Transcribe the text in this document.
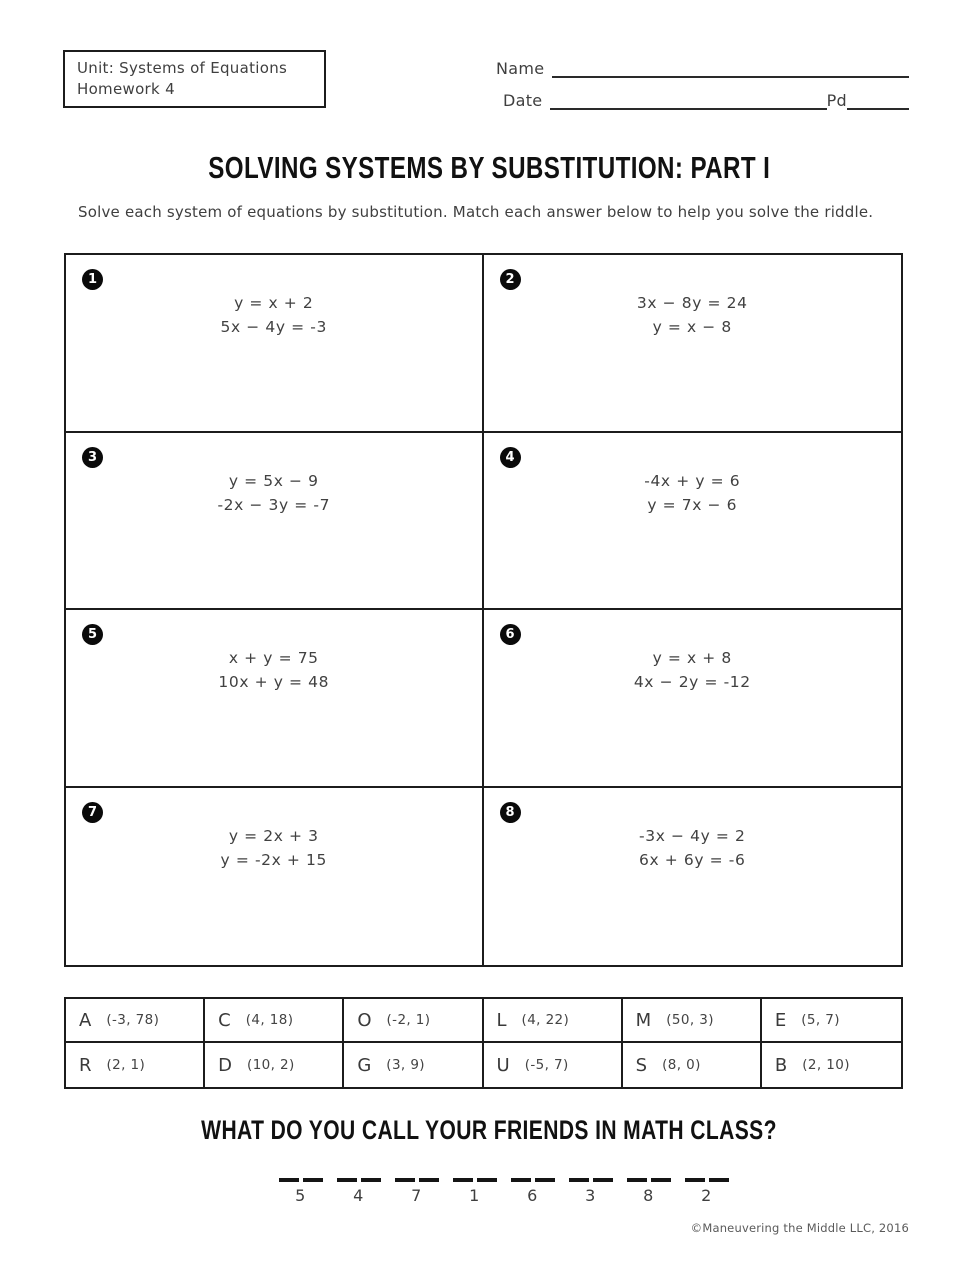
Unit: Systems of Equations
Homework 4
Name
Date	Pd
SOLVING SYSTEMS BY SUBSTITUTION: PART I

Solve each system of equations by substitution. Match each answer below to help you solve the riddle.

1
y = x + 2
5x − 4y = -3
2
3x − 8y = 24
y = x − 8
3
y = 5x − 9
-2x − 3y = -7
4
-4x + y = 6
y = 7x − 6
5
x + y = 75
10x + y = 48
6
y = x + 8
4x − 2y = -12
7
y = 2x + 3
y = -2x + 15
8
-3x − 4y = 2
6x + 6y = -6
A (-3, 78)	C (4, 18)	O (-2, 1)	L (4, 22)	M (50, 3)	E (5, 7)
R (2, 1)	D (10, 2)	G (3, 9)	U (-5, 7)	S (8, 0)	B (2, 10)
WHAT DO YOU CALL YOUR FRIENDS IN MATH CLASS?
5	4	7	1	6	3	8	2
©Maneuvering the Middle LLC, 2016
